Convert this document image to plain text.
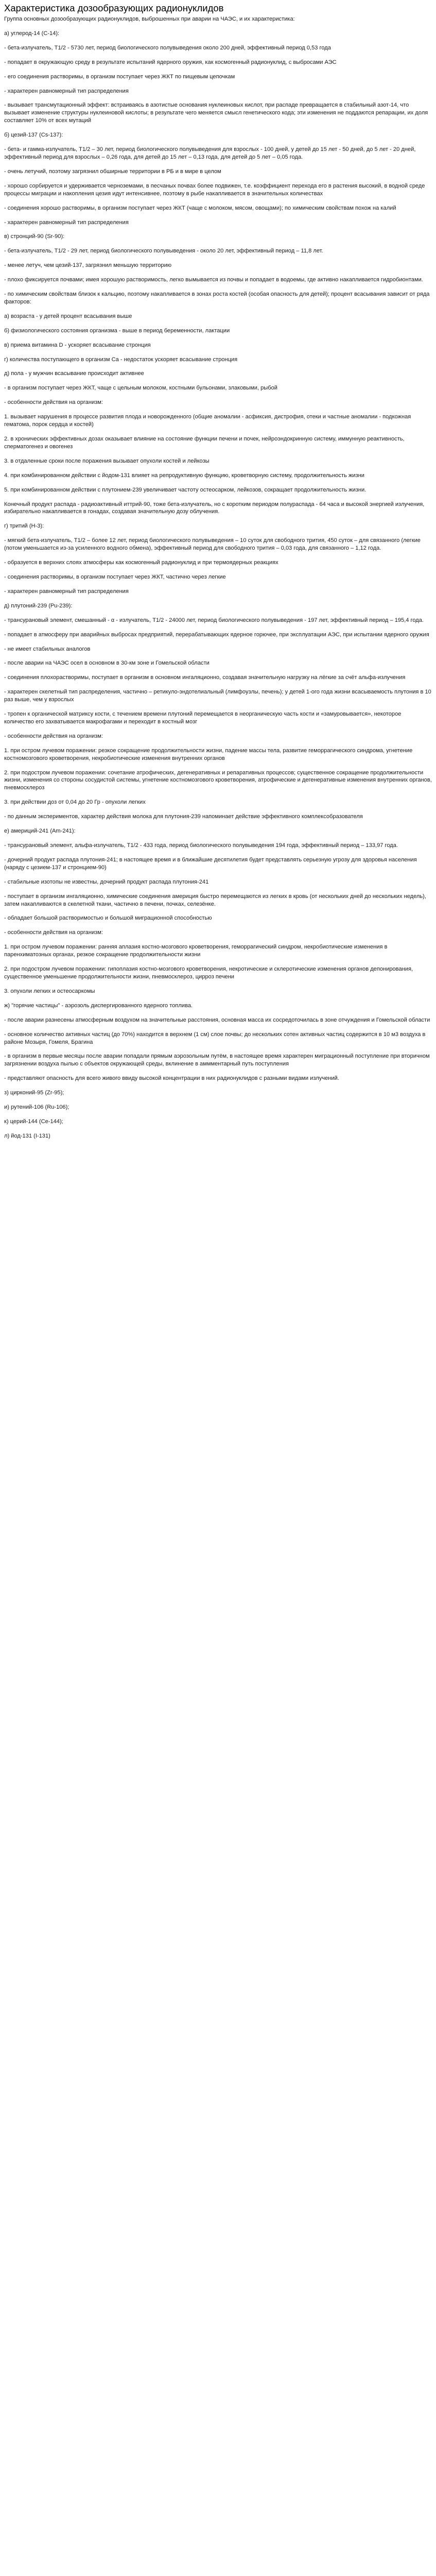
Характеристика дозообразующих радионуклидов

Группа основных дозообразующих радионуклидов, выброшенных при аварии на ЧАЭС, и их характеристика:

а) углерод-14 (С-14):

- бета-излучатель, Т1/2 - 5730 лет, период биологического полувыведения около 200 дней, эффективный период 0,53 года

- попадает в окружающую среду в результате испытаний ядерного оружия, как космогенный радионуклид, с выбросами АЭС

- его соединения растворимы, в организм поступает через ЖКТ по пищевым цепочкам

- характерен равномерный тип распределения

- вызывает трансмутационный эффект: встраиваясь в азотистые основания нуклеиновых кислот, при распаде превращается в стабильный азот-14, что вызывает изменение структуры нуклеиновой кислоты; в результате чего меняется смысл генетического кода; эти изменения не поддаются репарации, их доля составляет 10% от всех мутаций

б) цезий-137 (Cs-137):

- бета- и гамма-излучатель, Т1/2 – 30 лет, период биологического полувыведения для взрослых - 100 дней, у детей до 15 лет - 50 дней, до 5 лет - 20 дней, эффективный период для взрослых – 0,26 года, для детей до 15 лет – 0,13 года, для детей до 5 лет – 0,05 года.

- очень летучий, поэтому загрязнил обширные территории в РБ и в мире в целом

- хорошо сорбируется и удерживается черноземами, в песчаных почвах более подвижен, т.е. коэффициент перехода его в растения высокий, в водной среде процессы миграции и накопления цезия идут интенсивнее, поэтому в рыбе накапливается в значительных количествах

- соединения хорошо растворимы, в организм поступает через ЖКТ (чаще с молоком, мясом, овощами); по химическим свойствам похож на калий

- характерен равномерный тип распределения

в) стронций-90 (Sr-90):

- бета-излучатель, Т1/2 - 29 лет, период биологического полувыведения - около 20 лет, эффективный период – 11,8 лет.

- менее летуч, чем цезий-137, загрязнил меньшую территорию

- плохо фиксируется почвами; имея хорошую растворимость, легко вымывается из почвы и попадает в водоемы, где активно накапливается гидробионтами.

- по химическим свойствам близок к кальцию, поэтому накапливается в зонах роста костей (особая опасность для детей); процент всасывания зависит от ряда факторов:

а) возраста - у детей процент всасывания выше

б) физиологического состояния организма - выше в период беременности, лактации

в) приема витамина D - ускоряет всасывание стронция

г) количества поступающего в организм Ca - недостаток ускоряет всасывание стронция

д) пола - у мужчин всасывание происходит активнее

- в организм поступает через ЖКТ, чаще с цельным молоком, костными бульонами, злаковыми, рыбой

- особенности действия на организм:

1. вызывает нарушения в процессе развития плода и новорожденного (общие аномалии - асфиксия, дистрофия, отеки и частные аномалии - подкожная гематома, порок сердца и костей)

2. в хронических эффективных дозах оказывает влияние на состояние функции печени и почек, нейроэндокринную систему, иммунную реактивность, сперматогенез и овогенез

3. в отдаленные сроки после поражения вызывает опухоли костей и лейкозы

4. при комбинированном действии с йодом-131 влияет на репродуктивную функцию, кроветворную систему, продолжительность жизни

5. при комбинированном действии с плутонием-239 увеличивает частоту остеосарком, лейкозов, сокращает продолжительность жизни.

Конечный продукт распада - радиоактивный иттрий-90, тоже бета-излучатель, но с коротким периодом полураспада - 64 часа и высокой энергией излучения, избирательно накапливается в гонадах, создавая значительную дозу облучения.

г) тритий (H-3):

- мягкий бета-излучатель, Т1/2 – более 12 лет, период биологического полувыведения – 10 суток для свободного трития, 450 суток – для связанного (легкие (потом уменьшается из-за усиленного водного обмена), эффективный период для свободного трития – 0,03 года, для связанного – 1,12 года.

- образуется в верхних слоях атмосферы как космогенный радионуклид и при термоядерных реакциях

- соединения растворимы, в организм поступает через ЖКТ, частично через легкие

- характерен равномерный тип распределения

д) плутоний-239 (Pu-239):

- трансурановый элемент, смешанный - α - излучатель, Т1/2 - 24000 лет, период биологического полувыведения - 197 лет, эффективный период – 195,4 года.

- попадает в атмосферу при аварийных выбросах предприятий, перерабатывающих ядерное горючее, при эксплуатации АЭС, при испытании ядерного оружия

- не имеет стабильных аналогов

- после аварии на ЧАЭС осел в основном в 30-км зоне и Гомельской области

- соединения плохорастворимы, поступает в организм в основном ингаляционно, создавая значительную нагрузку на лёгкие за счёт альфа-излучения

- характерен скелетный тип распределения, частично – ретикуло-эндотелиальный (лимфоузлы, печень); у детей 1-ого года жизни всасываемость плутония в 10 раз выше, чем у взрослых

- тропен к органической матриксу кости, с течением времени плутоний перемещается в неорганическую часть кости и «замуровывается», некоторое количество его захватывается макрофагами и переходит в костный мозг

- особенности действия на организм:

1. при остром лучевом поражении: резкое сокращение продолжительности жизни, падение массы тела, развитие геморрагического синдрома, угнетение костномозгового кроветворения, некробиотические изменения внутренних органов

2. при подостром лучевом поражении: сочетание атрофических, дегенеративных и репаративных процессов; существенное сокращение продолжительности жизни, изменения со стороны сосудистой системы, угнетение костномозгового кроветворения, атрофические и дегенеративные изменения внутренних органов, пневмосклероз

3. при действии доз от 0,04 до 20 Гр - опухоли легких

- по данным экспериментов, характер действия молока для плутония-239 напоминает действие эффективного комплексобразователя

е) америций-241 (Am-241):

- трансурановый элемент, альфа-излучатель, Т1/2 - 433 года, период биологического полувыведения 194 года, эффективный период – 133,97 года.

- дочерний продукт распада плутония-241; в настоящее время и в ближайшие десятилетия будет представлять серьезную угрозу для здоровья населения (наряду с цезием-137 и стронцием-90)

- стабильные изотопы не известны, дочерний продукт распада плутония-241

- поступает в организм ингаляционно, химические соединения америция быстро перемещаются из легких в кровь (от нескольких дней до нескольких недель), затем накапливаются в скелетной ткани, частично в печени, почках, селезёнке.

- обладает большой растворимостью и большой миграционной способностью

- особенности действия на организм:

1. при остром лучевом поражении: ранняя аплазия костно-мозгового кроветворения, геморрагический синдром, некробиотические изменения в паренхиматозных органах, резкое сокращение продолжительности жизни

2. при подостром лучевом поражении: гипоплазия костно-мозгового кроветворения, некротические и склеротические изменения органов депонирования, существенное уменьшение продолжительности жизни, пневмосклероз, цирроз печени

3. опухоли легких и остеосаркомы

ж) "горячие частицы" - аэрозоль диспергированного ядерного топлива.

- после аварии разнесены атмосферным воздухом на значительные расстояния, основная масса их сосредоточилась в зоне отчуждения и Гомельской области

- основное количество активных частиц (до 70%) находится в верхнем (1 см) слое почвы; до нескольких сотен активных частиц содержится в 10 м3 воздуха в районе Мозыря, Гомеля, Брагина

- в организм в первые месяцы после аварии попадали прямым аэрозольным путём, в настоящее время характерен миграционный поступление при вторичном загрязнении воздуха пылью с объектов окружающей среды, вклинение в аммментарный путь поступления

- представляют опасность для всего живого ввиду высокой концентрации в них радионуклидов с разными видами излучений.

з) цирконий-95 (Zr-95);

и) рутений-106 (Ru-106);

к) церий-144 (Ce-144);

л) йод-131 (I-131)
